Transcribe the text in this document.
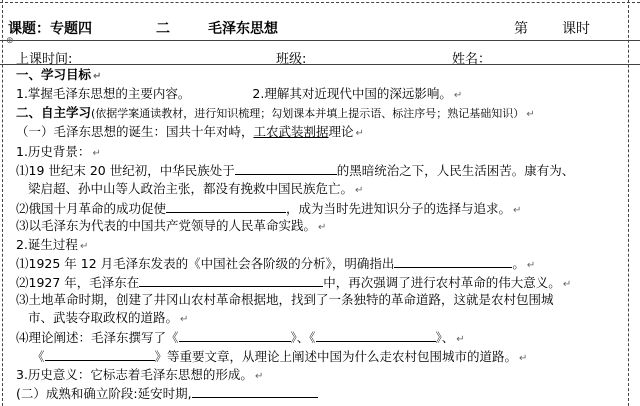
⊕
课题：专题四	二	毛泽东思想	第 课时
上课时间:	班级:	姓名：
一、学习目标 ↵
1.掌握毛泽东思想的主要内容。	2.理解其对近现代中国的深远影响。 ↵
二、自主学习(依据学案通读教材，进行知识梳理；勾划课本并填上提示语、标注序号；熟记基础知识） ↵
（一）毛泽东思想的诞生：国共十年对峙，工农武装割据理论 ↵
1.历史背景： ↵
⑴19 世纪末 20 世纪初，中华民族处于	的黑暗统治之下，人民生活困苦。康有为、
梁启超、孙中山等人政治主张，都没有挽救中国民族危亡。 ↵
⑵俄国十月革命的成功促使	，成为当时先进知识分子的选择与追求。 ↵
⑶以毛泽东为代表的中国共产党领导的人民革命实践。 ↵
2.诞生过程 ↵
⑴1925 年 12 月毛泽东发表的《中国社会各阶级的分析》，明确指出	。 ↵
⑵1927 年，毛泽东在	中，再次强调了进行农村革命的伟大意义。 ↵
⑶土地革命时期，创建了井冈山农村革命根据地，找到了一条独特的革命道路，这就是农村包围城
市、武装夺取政权的道路。 ↵
⑷理论阐述：毛泽东撰写了《	》、《	》、 ↵
《	》等重要文章，从理论上阐述中国为什么走农村包围城市的道路。 ↵
3.历史意义：它标志着毛泽东思想的形成。 ↵
(二）成熟和确立阶段:延安时期,
